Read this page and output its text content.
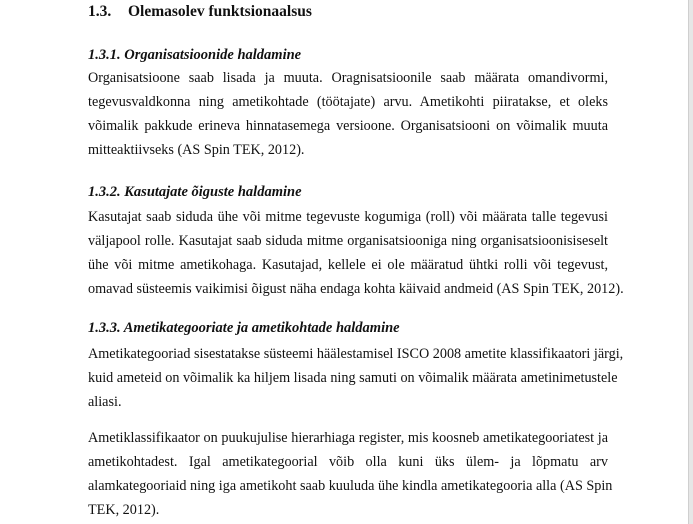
1.3. Olemasolev funktsionaalsus
1.3.1. Organisatsioonide haldamine
Organisatsioone saab lisada ja muuta. Oragnisatsioonile saab määrata omandivormi,
tegevusvaldkonna ning ametikohtade (töötajate) arvu. Ametikohti piiratakse, et oleks
võimalik pakkude erineva hinnatasemega versioone. Organisatsiooni on võimalik muuta
mitteaktiivseks (AS Spin TEK, 2012).
1.3.2. Kasutajate õiguste haldamine
Kasutajat saab siduda ühe või mitme tegevuste kogumiga (roll) või määrata talle tegevusi
väljapool rolle. Kasutajat saab siduda mitme organisatsiooniga ning organisatsioonisiseselt
ühe või mitme ametikohaga. Kasutajad, kellele ei ole määratud ühtki rolli või tegevust,
omavad süsteemis vaikimisi õigust näha endaga kohta käivaid andmeid (AS Spin TEK, 2012).
1.3.3. Ametikategooriate ja ametikohtade haldamine
Ametikategooriad sisestatakse süsteemi häälestamisel ISCO 2008 ametite klassifikaatori järgi,
kuid ameteid on võimalik ka hiljem lisada ning samuti on võimalik määrata ametinimetustele
aliasi.
Ametiklassifikaator on puukujulise hierarhiaga register, mis koosneb ametikategooriatest ja
ametikohtadest. Igal ametikategoorial võib olla kuni üks ülem- ja lõpmatu arv
alamkategooriaid ning iga ametikoht saab kuuluda ühe kindla ametikategooria alla (AS Spin
TEK, 2012).
